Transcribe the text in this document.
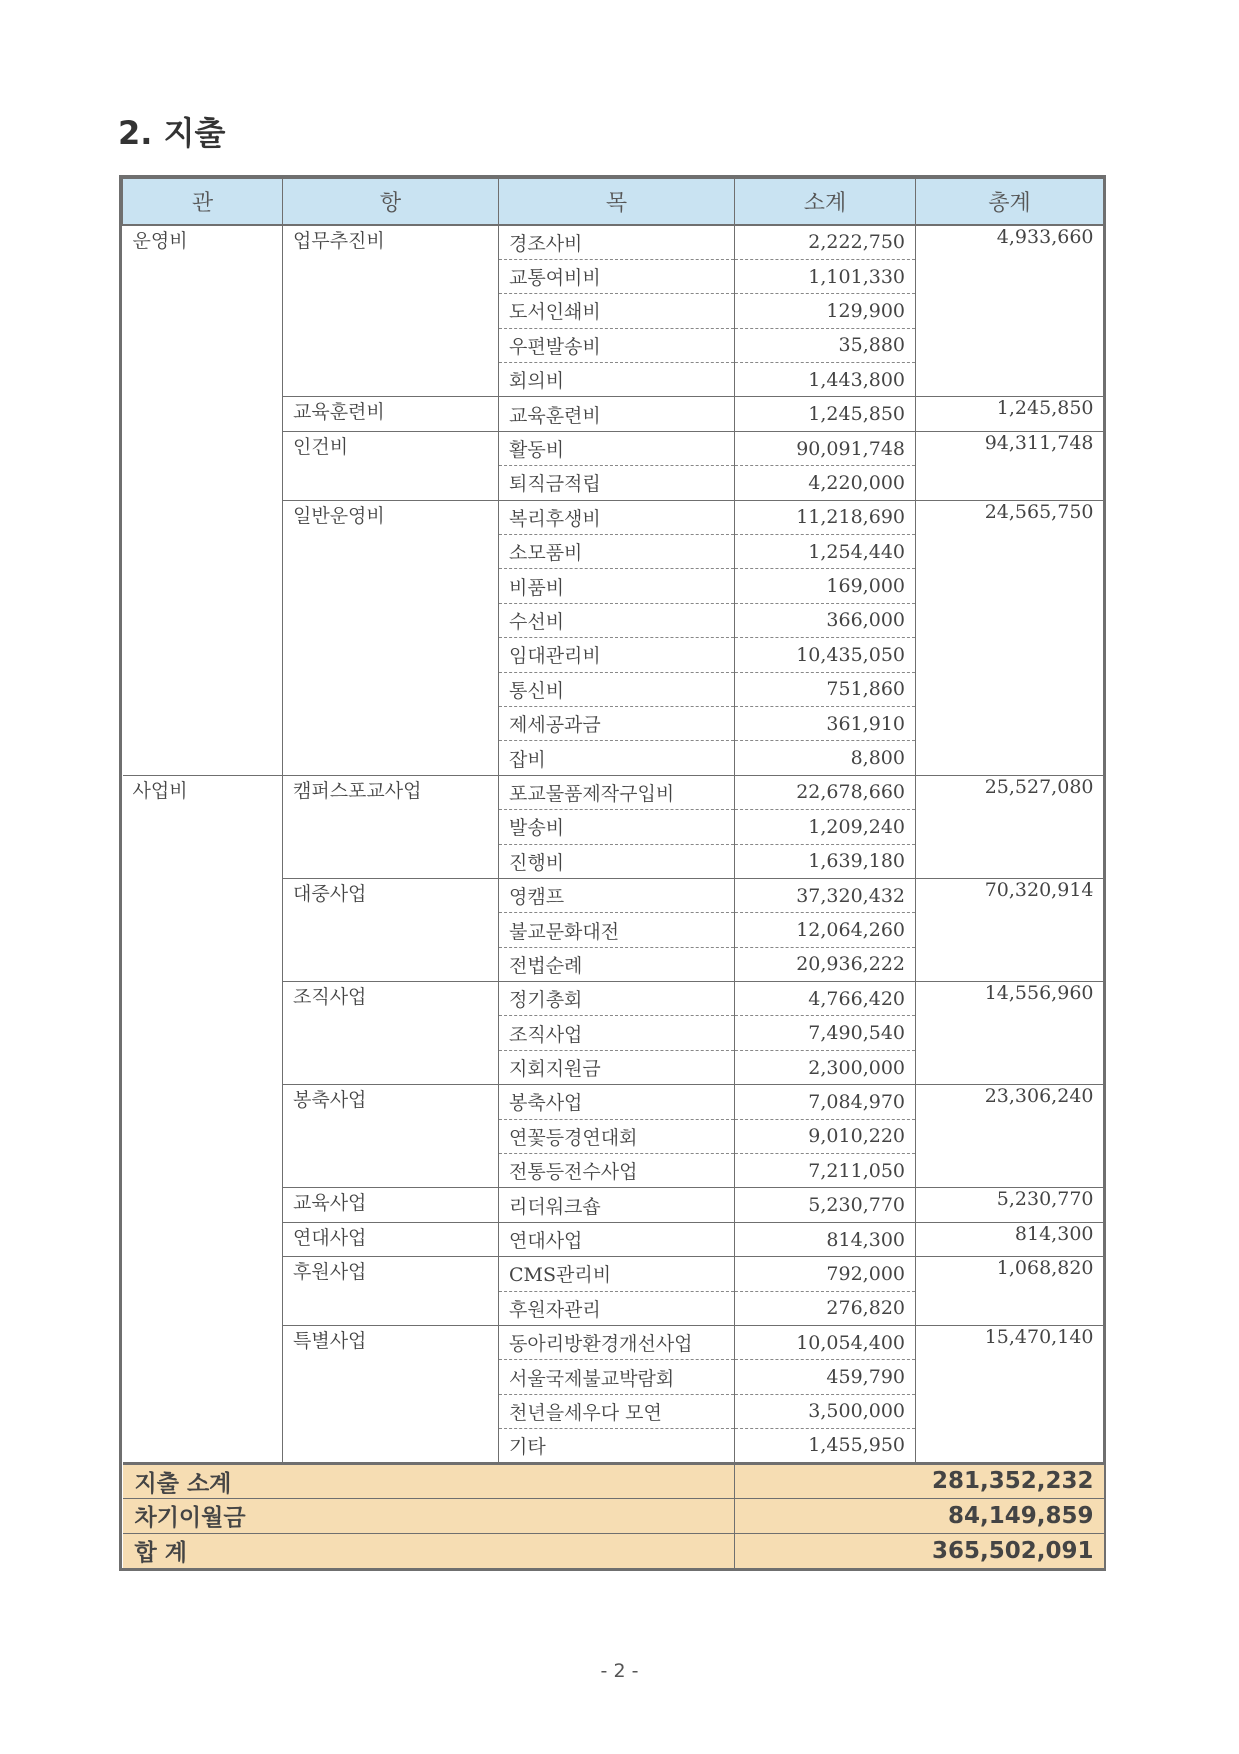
2. 지출
관	항	목	소계	총계
운영비	업무추진비	경조사비	2,222,750	4,933,660
		교통여비비	1,101,330	
		도서인쇄비	129,900	
		우편발송비	35,880	
		회의비	1,443,800	
	교육훈련비	교육훈련비	1,245,850	1,245,850
	인건비	활동비	90,091,748	94,311,748
		퇴직금적립	4,220,000	
	일반운영비	복리후생비	11,218,690	24,565,750
		소모품비	1,254,440	
		비품비	169,000	
		수선비	366,000	
		임대관리비	10,435,050	
		통신비	751,860	
		제세공과금	361,910	
		잡비	8,800	
사업비	캠퍼스포교사업	포교물품제작구입비	22,678,660	25,527,080
		발송비	1,209,240	
		진행비	1,639,180	
	대중사업	영캠프	37,320,432	70,320,914
		불교문화대전	12,064,260	
		전법순례	20,936,222	
	조직사업	정기총회	4,766,420	14,556,960
		조직사업	7,490,540	
		지회지원금	2,300,000	
	봉축사업	봉축사업	7,084,970	23,306,240
		연꽃등경연대회	9,010,220	
		전통등전수사업	7,211,050	
	교육사업	리더워크숍	5,230,770	5,230,770
	연대사업	연대사업	814,300	814,300
	후원사업	CMS관리비	792,000	1,068,820
		후원자관리	276,820	
	특별사업	동아리방환경개선사업	10,054,400	15,470,140
		서울국제불교박람회	459,790	
		천년을세우다 모연	3,500,000	
		기타	1,455,950	
지출 소계			281,352,232	
차기이월금			84,149,859	
합 계			365,502,091	
- 2 -
